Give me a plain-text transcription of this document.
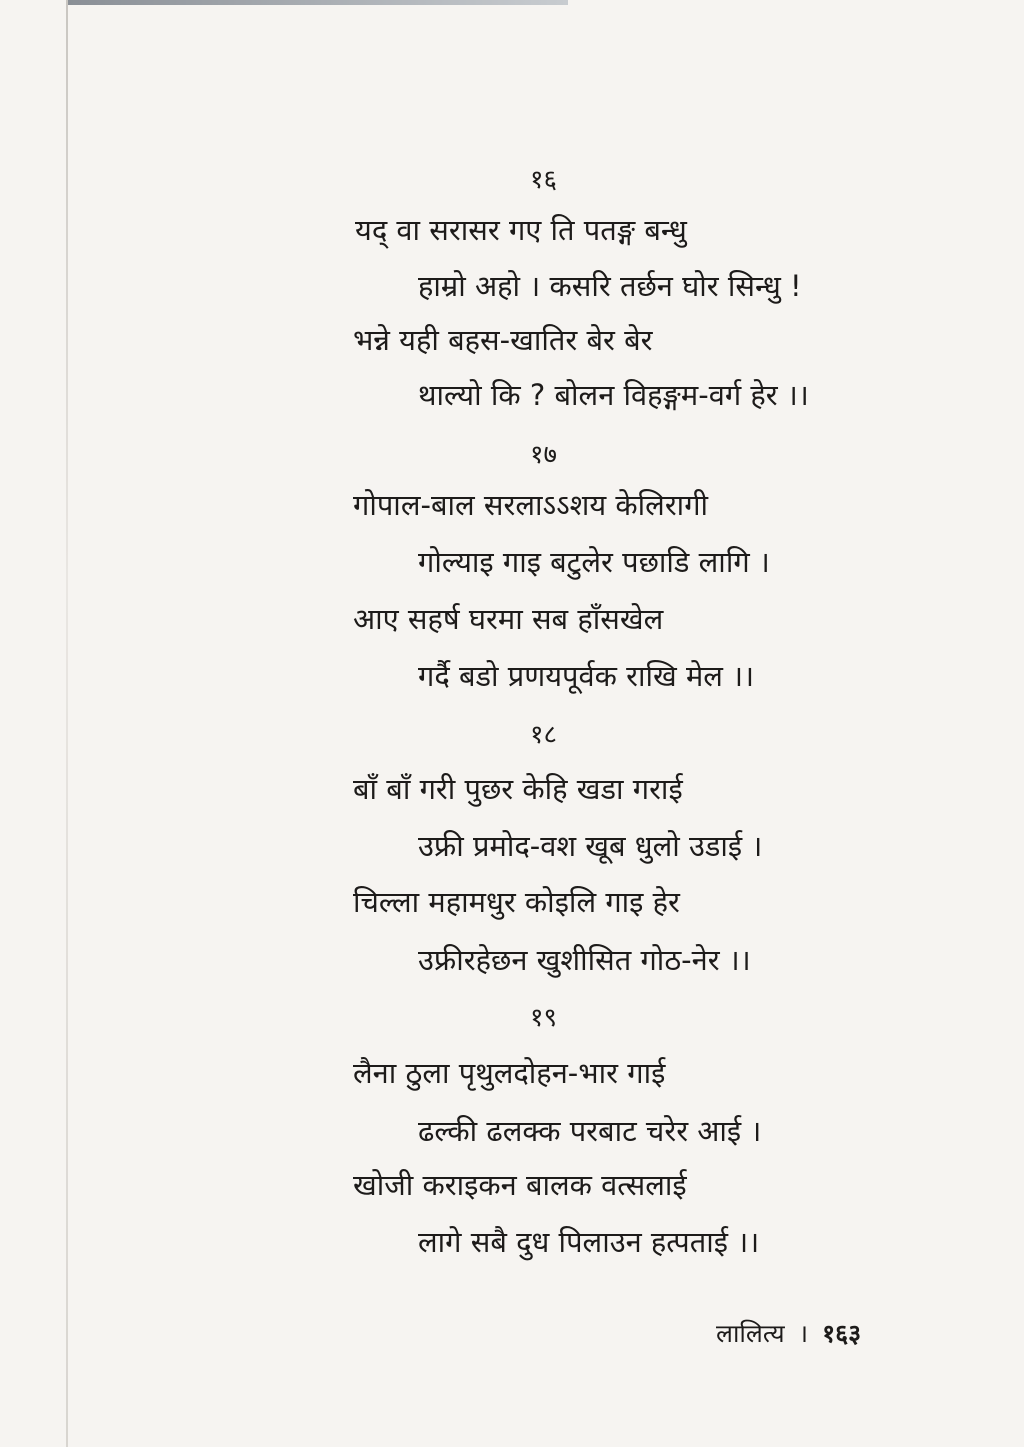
१६
यद् वा सरासर गए ति पतङ्ग बन्धु
हाम्रो अहो । कसरि तर्छन घोर सिन्धु !
भन्ने यही बहस-खातिर बेर बेर
थाल्यो कि ? बोलन विहङ्गम-वर्ग हेर ।।
१७
गोपाल-बाल सरलाऽऽशय केलिरागी
गोल्याइ गाइ बटुलेर पछाडि लागि ।
आए सहर्ष घरमा सब हाँसखेल
गर्दै बडो प्रणयपूर्वक राखि मेल ।।
१८
बाँ बाँ गरी पुछर केहि खडा गराई
उफ्री प्रमोद-वश खूब धुलो उडाई ।
चिल्ला महामधुर कोइलि गाइ हेर
उफ्रीरहेछन खुशीसित गोठ-नेर ।।
१९
लैना ठुला पृथुलदोहन-भार गाई
ढल्की ढलक्क परबाट चरेर आई ।
खोजी कराइकन बालक वत्सलाई
लागे सबै दुध पिलाउन हत्पताई ।।
लालित्य । १६३
